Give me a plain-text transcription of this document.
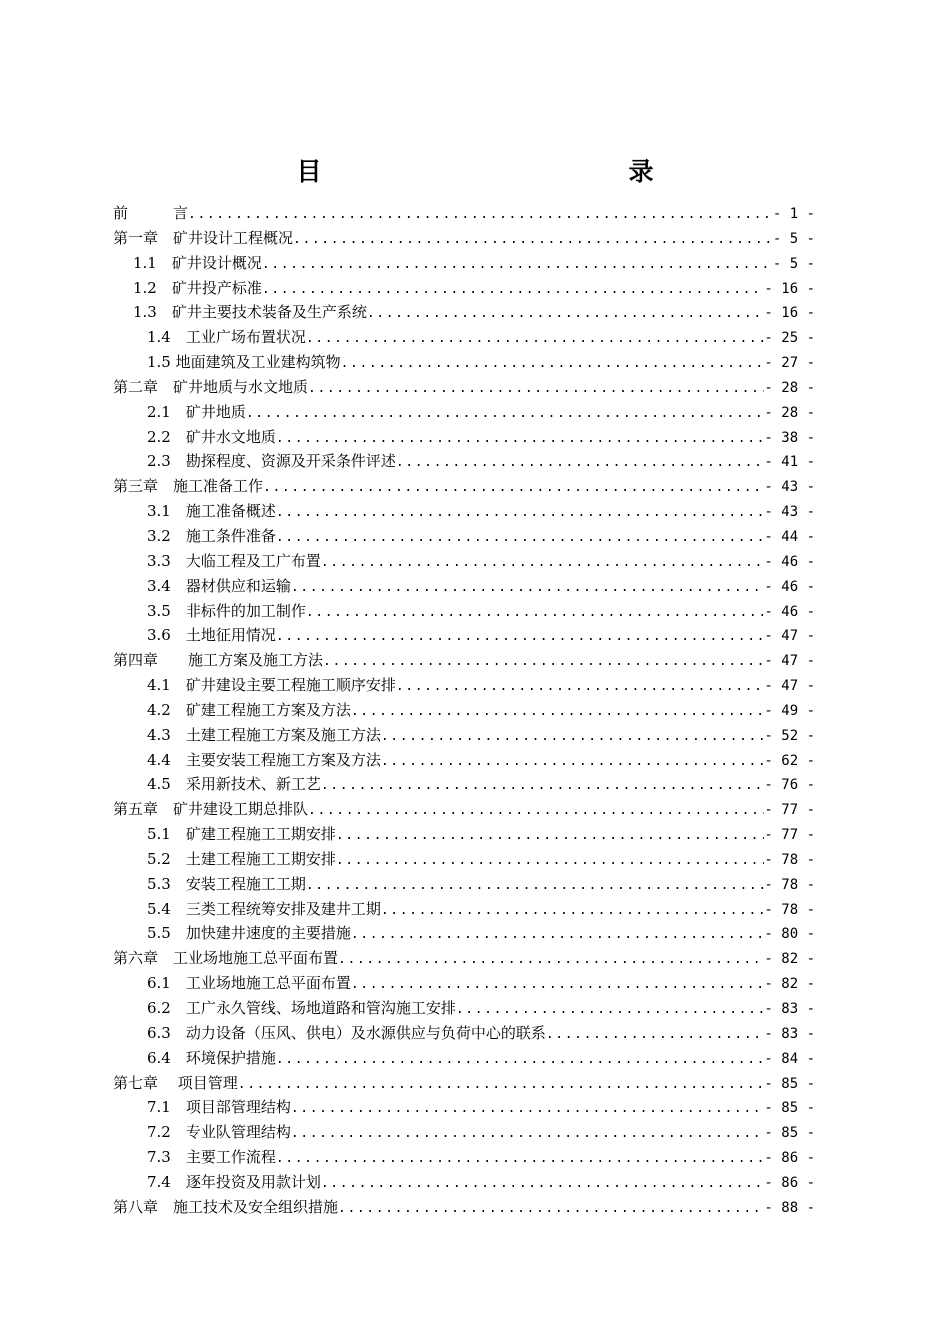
目　　　录
前　　　言 .....	- 1 -
第一章　矿井设计工程概况 .....	- 5 -
1.1　矿井设计概况 .....	- 5 -
1.2　矿井投产标准 .....	- 16 -
1.3　矿井主要技术装备及生产系统 .....	- 16 -
1.4　工业广场布置状况 .....	- 25 -
1.5 地面建筑及工业建构筑物 .....	- 27 -
第二章　矿井地质与水文地质 .....	- 28 -
2.1　矿井地质 .....	- 28 -
2.2　矿井水文地质 .....	- 38 -
2.3　勘探程度、资源及开采条件评述 .....	- 41 -
第三章　施工准备工作 .....	- 43 -
3.1　施工准备概述 .....	- 43 -
3.2　施工条件准备 .....	- 44 -
3.3　大临工程及工广布置 .....	- 46 -
3.4　器材供应和运输 .....	- 46 -
3.5　非标件的加工制作 .....	- 46 -
3.6　土地征用情况 .....	- 47 -
第四章　　施工方案及施工方法 .....	- 47 -
4.1　矿井建设主要工程施工顺序安排 .....	- 47 -
4.2　矿建工程施工方案及方法 .....	- 49 -
4.3　土建工程施工方案及施工方法 .....	- 52 -
4.4　主要安装工程施工方案及方法 .....	- 62 -
4.5　采用新技术、新工艺 .....	- 76 -
第五章　矿井建设工期总排队 .....	- 77 -
5.1　矿建工程施工工期安排 .....	- 77 -
5.2　土建工程施工工期安排 .....	- 78 -
5.3　安装工程施工工期 .....	- 78 -
5.4　三类工程统筹安排及建井工期 .....	- 78 -
5.5　加快建井速度的主要措施 .....	- 80 -
第六章　工业场地施工总平面布置 .....	- 82 -
6.1　工业场地施工总平面布置 .....	- 82 -
6.2　工广永久管线、场地道路和管沟施工安排 .....	- 83 -
6.3　动力设备（压风、供电）及水源供应与负荷中心的联系 .....	- 83 -
6.4　环境保护措施 .....	- 84 -
第七章　 项目管理 .....	- 85 -
7.1　项目部管理结构 .....	- 85 -
7.2　专业队管理结构 .....	- 85 -
7.3　主要工作流程 .....	- 86 -
7.4　逐年投资及用款计划 .....	- 86 -
第八章　施工技术及安全组织措施 .....	- 88 -
